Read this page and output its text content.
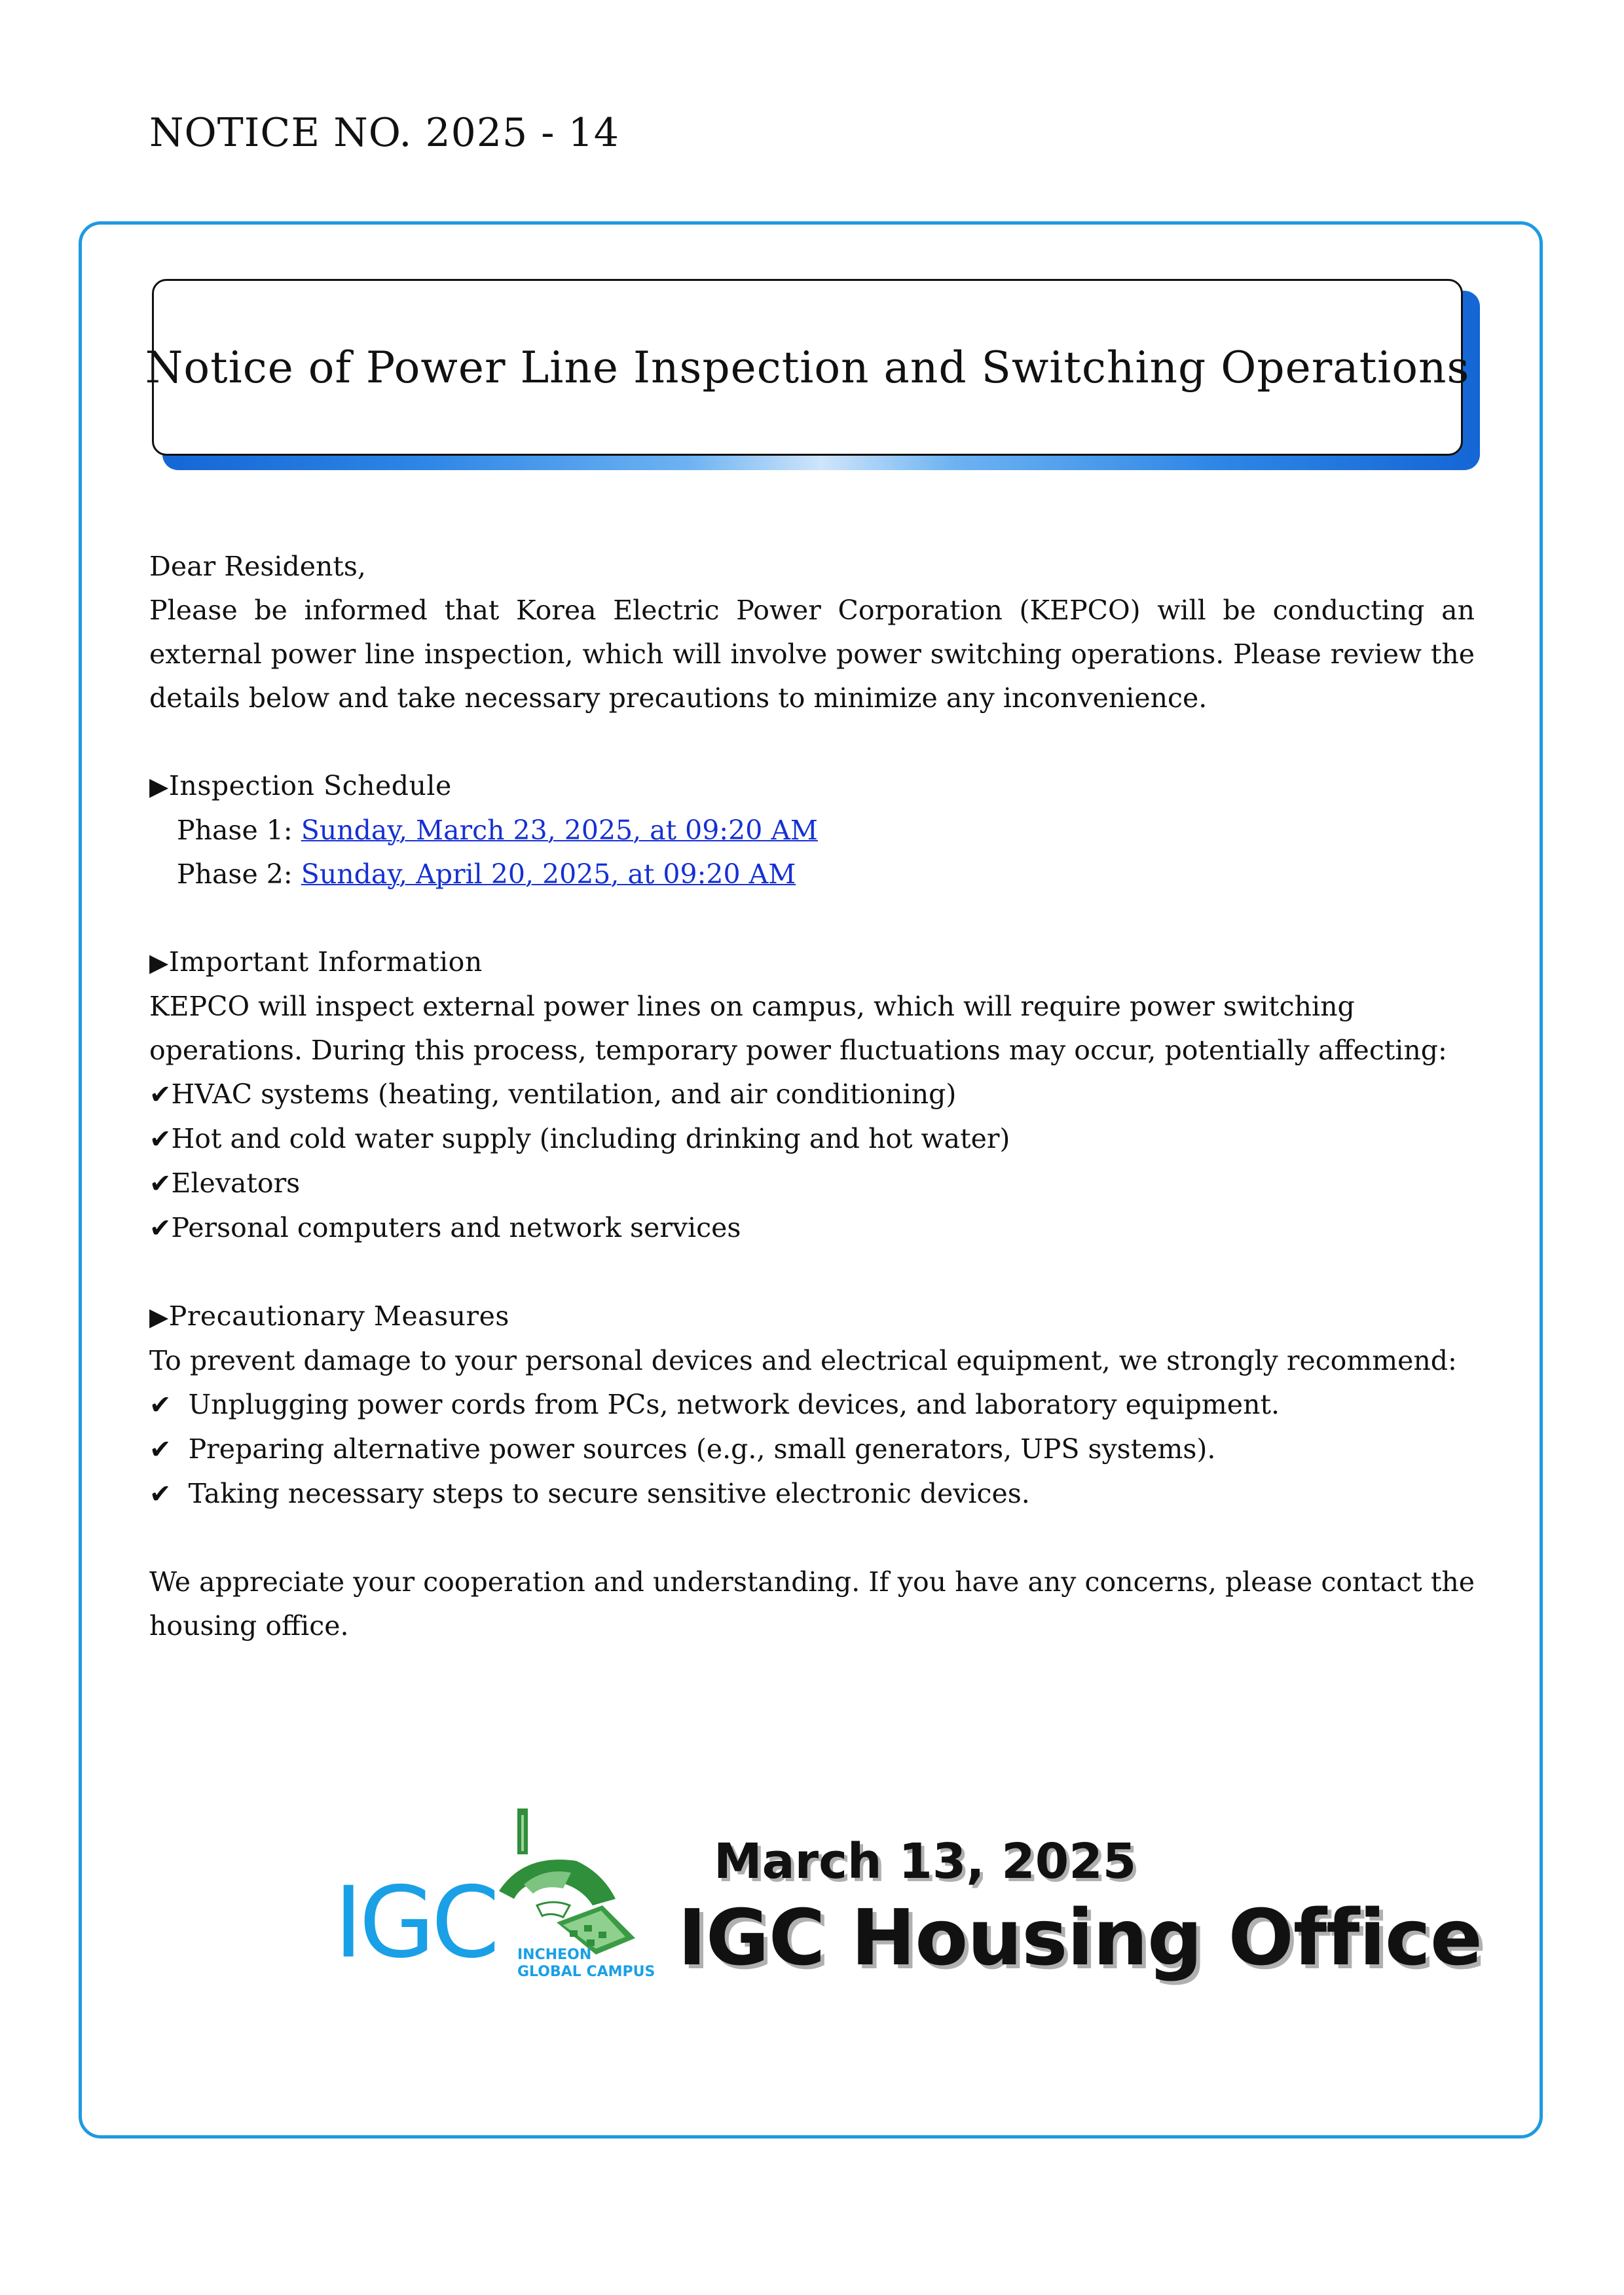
NOTICE NO. 2025 - 14
Notice of Power Line Inspection and Switching Operations
Dear Residents,
Please be informed that Korea Electric Power Corporation (KEPCO) will be conducting an external power line inspection, which will involve power switching operations. Please review the details below and take necessary precautions to minimize any inconvenience.
▶Inspection Schedule
Phase 1: Sunday, March 23, 2025, at 09:20 AM
Phase 2: Sunday, April 20, 2025, at 09:20 AM
▶Important Information
KEPCO will inspect external power lines on campus, which will require power switching operations. During this process, temporary power fluctuations may occur, potentially affecting:
✔HVAC systems (heating, ventilation, and air conditioning)
✔Hot and cold water supply (including drinking and hot water)
✔Elevators
✔Personal computers and network services
▶Precautionary Measures
To prevent damage to your personal devices and electrical equipment, we strongly recommend:
✔ Unplugging power cords from PCs, network devices, and laboratory equipment.
✔ Preparing alternative power sources (e.g., small generators, UPS systems).
✔ Taking necessary steps to secure sensitive electronic devices.
We appreciate your cooperation and understanding. If you have any concerns, please contact the housing office.
IGC INCHEON
GLOBAL CAMPUS
March 13, 2025
IGC Housing Office
